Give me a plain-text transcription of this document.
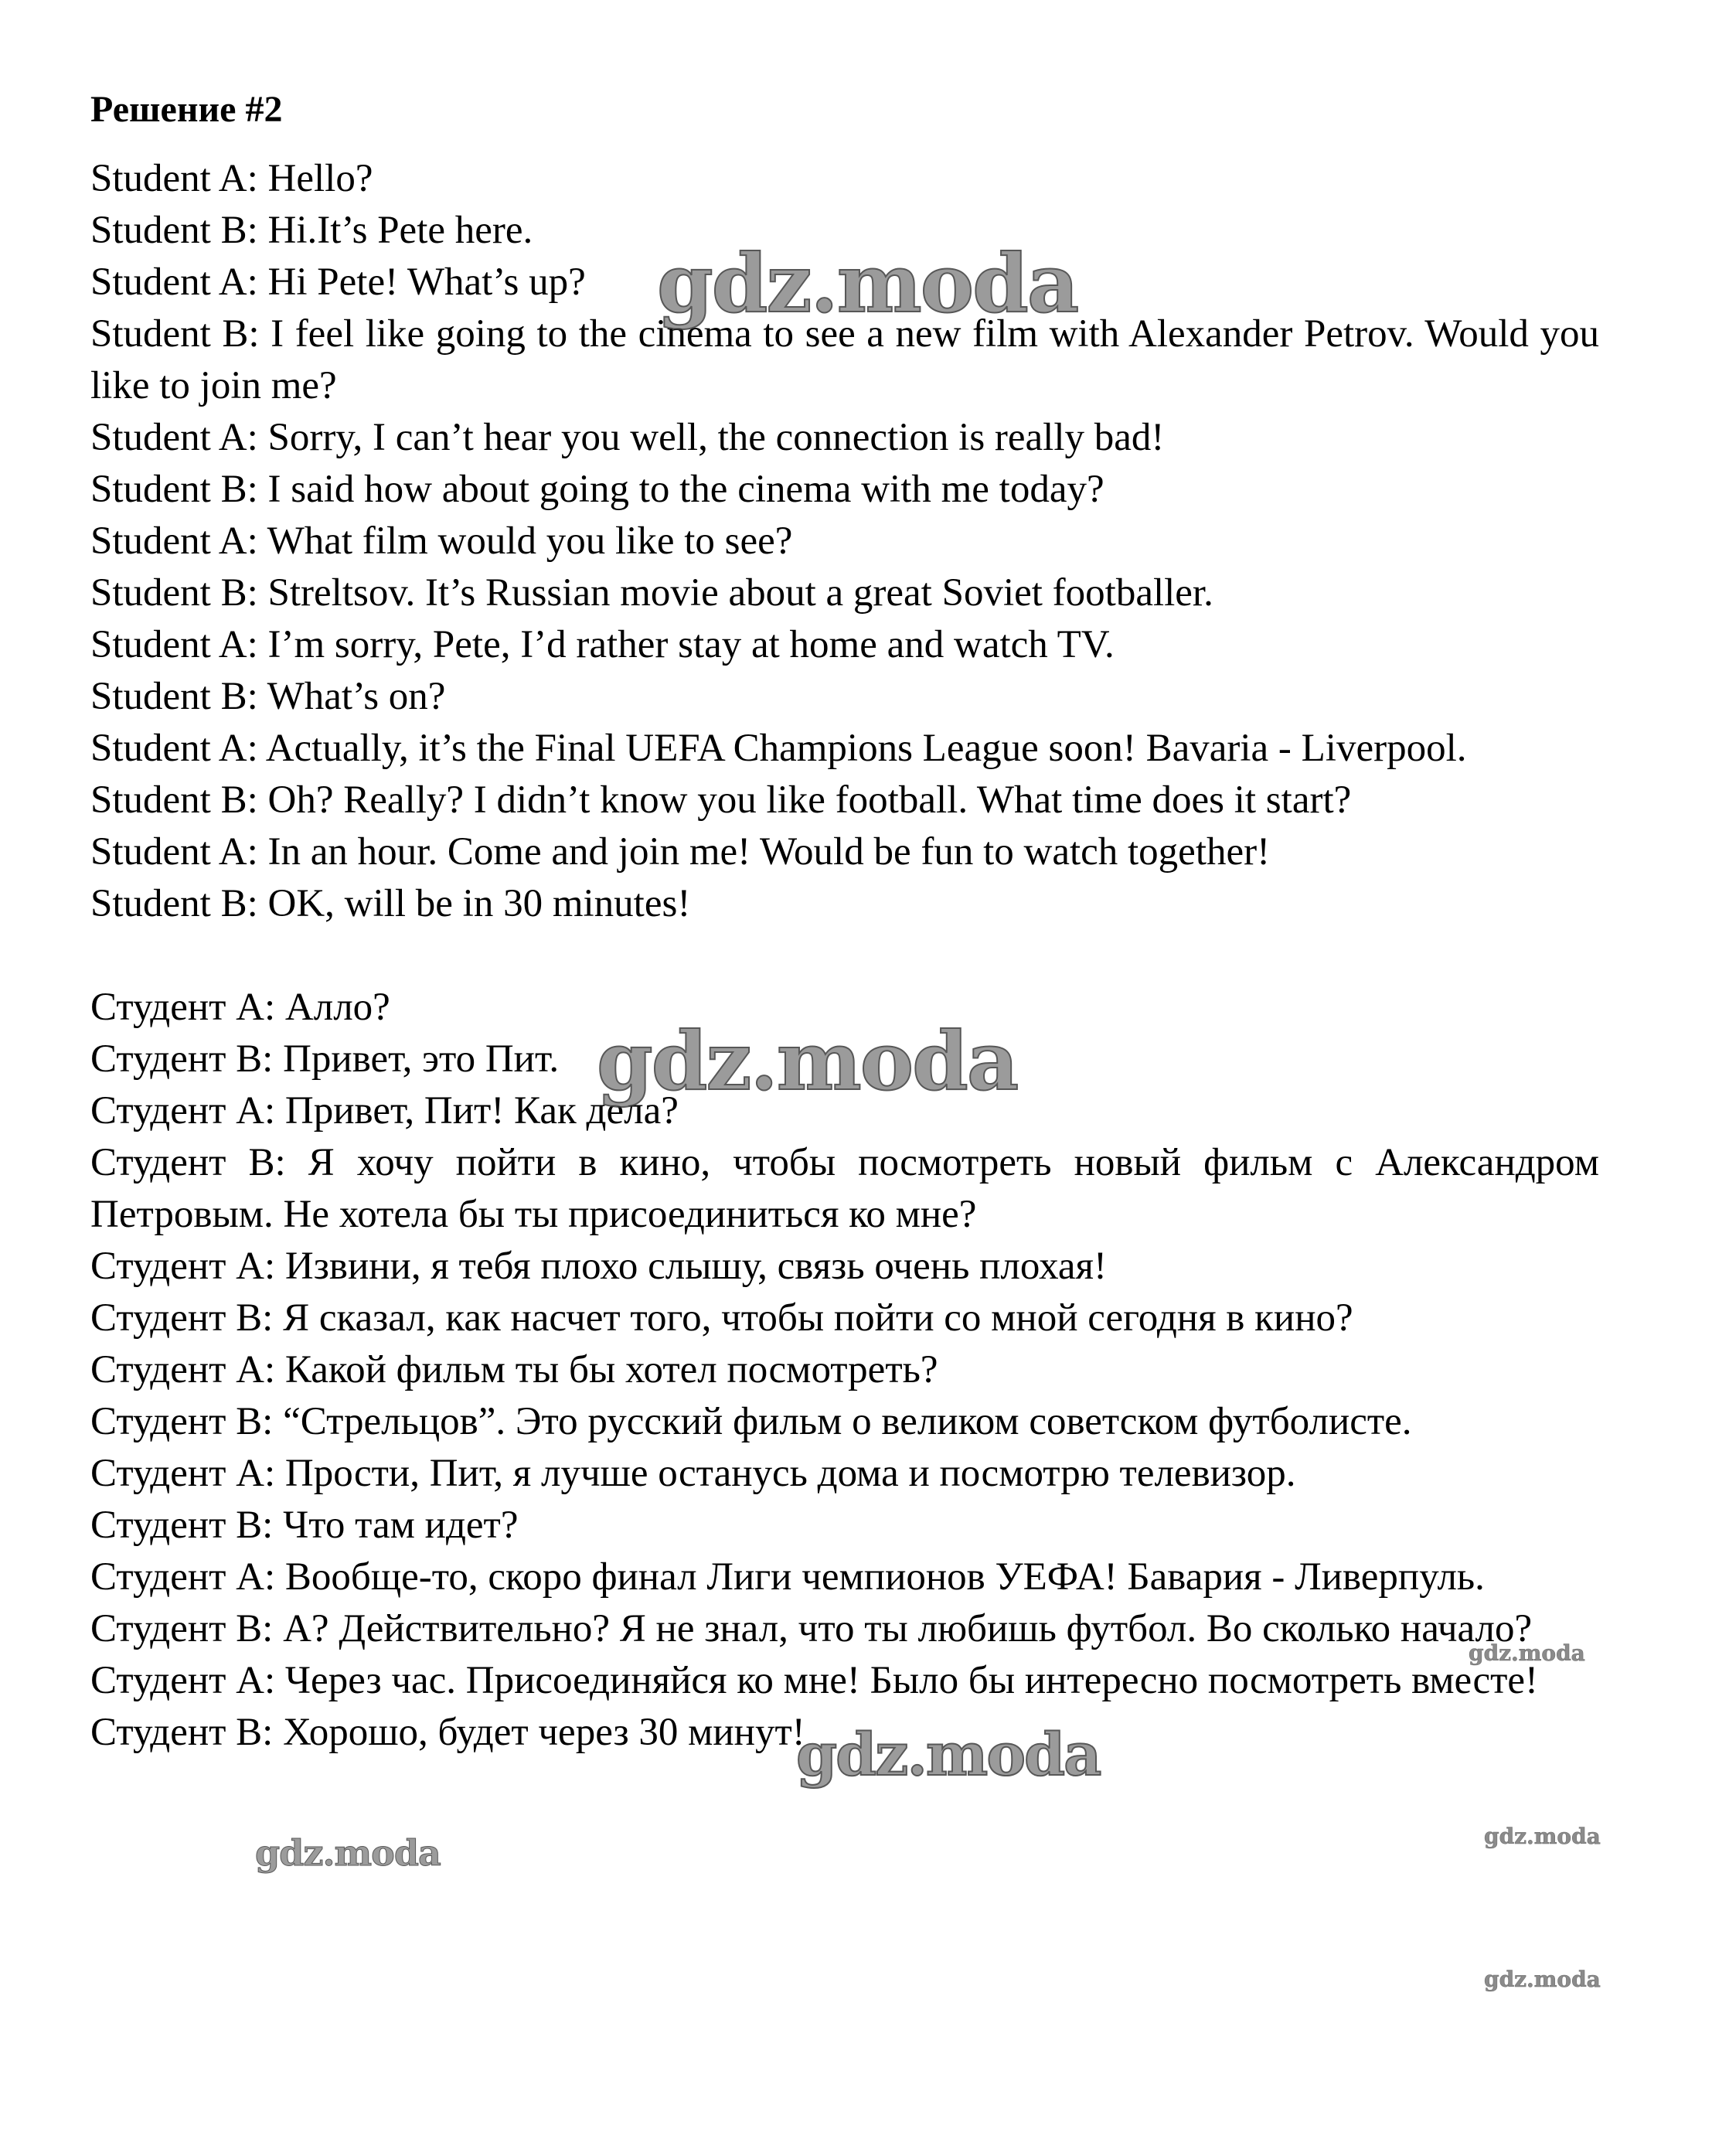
Решение #2
Student A: Hello?
Student B: Hi.It’s Pete here.
Student A: Hi Pete! What’s up?
Student B: I feel like going to the cinema to see a new film with Alexander Petrov. Would you like to join me?
Student A: Sorry, I can’t hear you well, the connection is really bad!
Student B: I said how about going to the cinema with me today?
Student A: What film would you like to see?
Student B: Streltsov. It’s Russian movie about a great Soviet footballer.
Student A: I’m sorry, Pete, I’d rather stay at home and watch TV.
Student B: What’s on?
Student A: Actually, it’s the Final UEFA Champions League soon! Bavaria - Liverpool.
Student B: Oh? Really? I didn’t know you like football. What time does it start?
Student A: In an hour. Come and join me! Would be fun to watch together!
Student B: OK, will be in 30 minutes!
Студент A: Алло?
Студент B: Привет, это Пит.
Студент A: Привет, Пит! Как дела?
Студент B: Я хочу пойти в кино, чтобы посмотреть новый фильм с Александром Петровым. Не хотела бы ты присоединиться ко мне?
Студент A: Извини, я тебя плохо слышу, связь очень плохая!
Студент B: Я сказал, как насчет того, чтобы пойти со мной сегодня в кино?
Студент A: Какой фильм ты бы хотел посмотреть?
Студент B: “Стрельцов”. Это русский фильм о великом советском футболисте.
Студент A: Прости, Пит, я лучше останусь дома и посмотрю телевизор.
Студент B: Что там идет?
Студент A: Вообще-то, скоро финал Лиги чемпионов УЕФА! Бавария - Ливерпуль.
Студент B: А? Действительно? Я не знал, что ты любишь футбол. Во сколько начало?
Студент A: Через час. Присоединяйся ко мне! Было бы интересно посмотреть вместе!
Студент B: Хорошо, будет через 30 минут!
gdz.moda
gdz.moda
gdz.moda
gdz.moda
gdz.moda
gdz.moda
gdz.moda
